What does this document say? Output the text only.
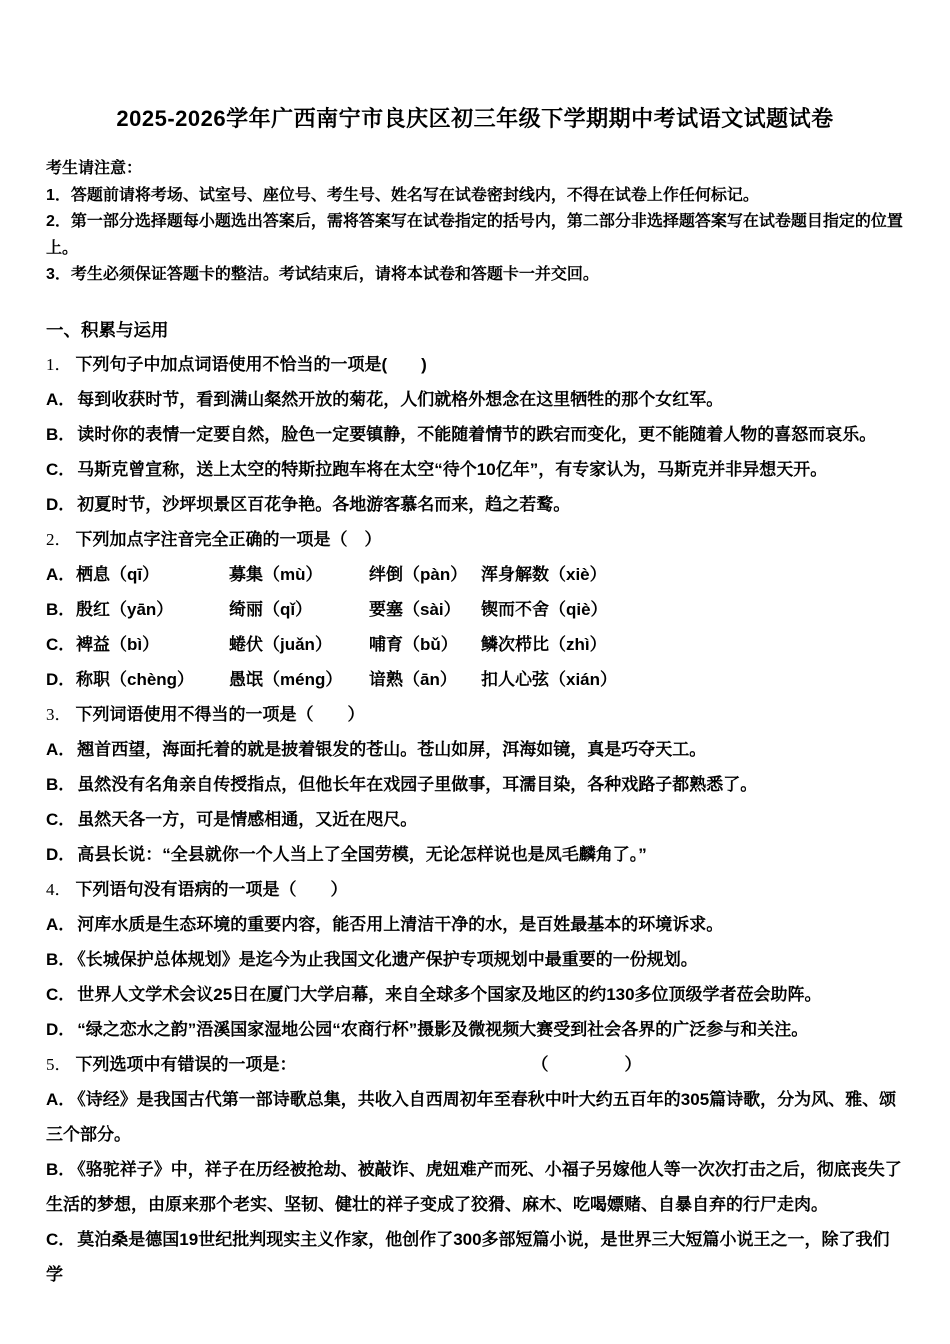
2025-2026学年广西南宁市良庆区初三年级下学期期中考试语文试题试卷
考生请注意：
1．答题前请将考场、试室号、座位号、考生号、姓名写在试卷密封线内，不得在试卷上作任何标记。
2．第一部分选择题每小题选出答案后，需将答案写在试卷指定的括号内，第二部分非选择题答案写在试卷题目指定的位置上。
3．考生必须保证答题卡的整洁。考试结束后，请将本试卷和答题卡一并交回。
一、积累与运用
1． 下列句子中加点词语使用不恰当的一项是(　　)
A． 每到收获时节，看到满山粲然开放的菊花，人们就格外想念在这里牺牲的那个女红军。
B． 读时你的表情一定要自然，脸色一定要镇静，不能随着情节的跌宕而变化，更不能随着人物的喜怒而哀乐。
C． 马斯克曾宣称，送上太空的特斯拉跑车将在太空“待个10亿年”，有专家认为，马斯克并非异想天开。
D． 初夏时节，沙坪坝景区百花争艳。各地游客慕名而来，趋之若鹜。
2． 下列加点字注音完全正确的一项是（　）
A． 栖息（qī）	募集（mù）	绊倒（pàn） 浑身解数（xiè）
B． 殷红（yān）	绮丽（qǐ）	要塞（sài）	锲而不舍（qiè）
C． 裨益（bì）	蜷伏（juǎn）	哺育（bǔ）	鳞次栉比（zhì）
D． 称职（chèng）	愚氓（méng）	谙熟（ān）	扣人心弦（xián）
3． 下列词语使用不得当的一项是（　　）
A． 翘首西望，海面托着的就是披着银发的苍山。苍山如屏，洱海如镜，真是巧夺天工。
B． 虽然没有名角亲自传授指点，但他长年在戏园子里做事，耳濡目染，各种戏路子都熟悉了。
C． 虽然天各一方，可是情感相通，又近在咫尺。
D． 高县长说：“全县就你一个人当上了全国劳模，无论怎样说也是凤毛麟角了。”
4． 下列语句没有语病的一项是（　　）
A． 河库水质是生态环境的重要内容，能否用上清洁干净的水，是百姓最基本的环境诉求。
B． 《长城保护总体规划》是迄今为止我国文化遗产保护专项规划中最重要的一份规划。
C． 世界人文学术会议25日在厦门大学启幕，来自全球多个国家及地区的约130多位顶级学者莅会助阵。
D． “绿之恋水之韵”浯溪国家湿地公园“农商行杯”摄影及微视频大赛受到社会各界的广泛参与和关注。
5． 下列选项中有错误的一项是：	（　　）
A． 《诗经》是我国古代第一部诗歌总集，共收入自西周初年至春秋中叶大约五百年的305篇诗歌，分为风、雅、颂三个部分。
B． 《骆驼祥子》中，祥子在历经被抢劫、被敲诈、虎妞难产而死、小福子另嫁他人等一次次打击之后，彻底丧失了生活的梦想，由原来那个老实、坚韧、健壮的祥子变成了狡猾、麻木、吃喝嫖赌、自暴自弃的行尸走肉。
C． 莫泊桑是德国19世纪批判现实主义作家，他创作了300多部短篇小说，是世界三大短篇小说王之一，除了我们学
